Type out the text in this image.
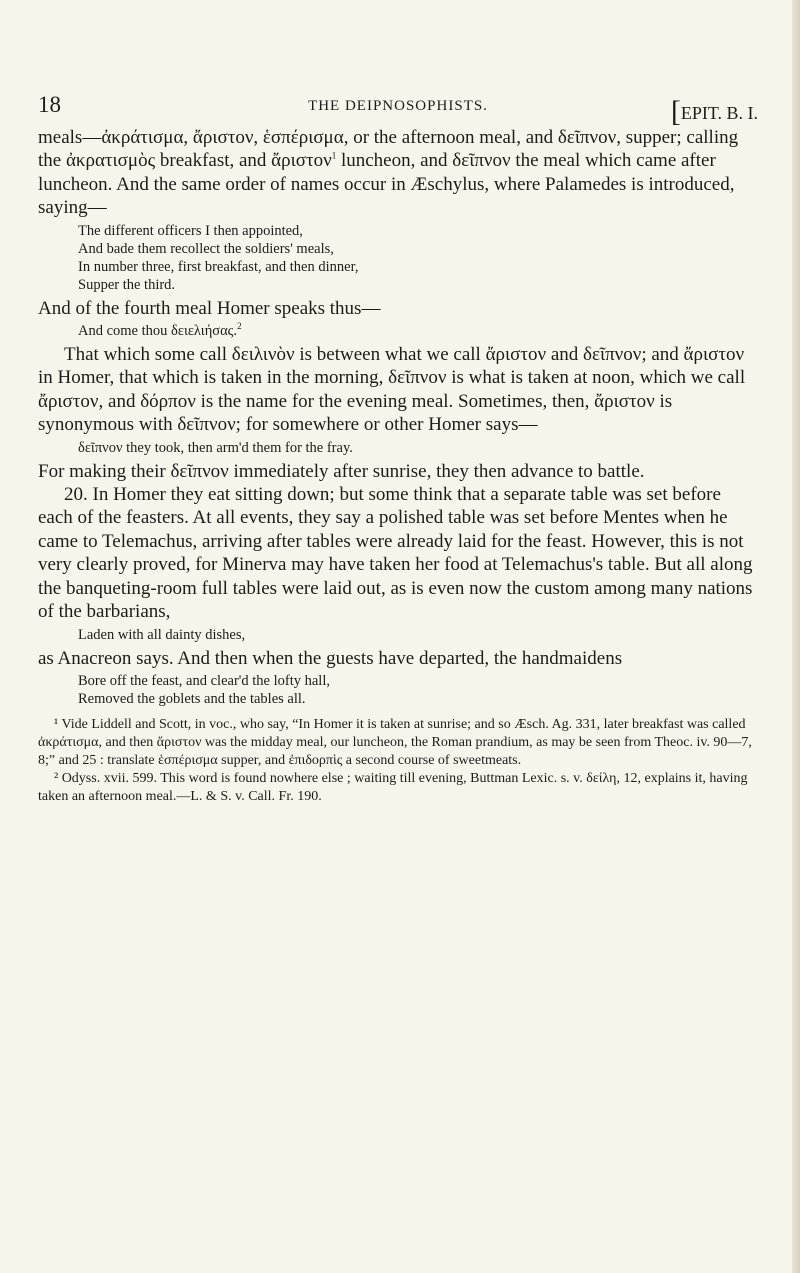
18	THE DEIPNOSOPHISTS.	[EPIT. B. I.

meals—ἀκράτισμα, ἄριστον, ἑσπέρισμα, or the afternoon meal, and δεῖπνον, supper; calling the ἀκρατισμὸς breakfast, and ἄριστον$^1$ luncheon, and δεῖπνον the meal which came after luncheon. And the same order of names occur in Æschylus, where Palamedes is introduced, saying—

The different officers I then appointed,
And bade them recollect the soldiers' meals,
In number three, first breakfast, and then dinner,
Supper the third.

And of the fourth meal Homer speaks thus—

And come thou δειελιήσας.$^2$

That which some call δειλινὸν is between what we call ἄριστον and δεῖπνον; and ἄριστον in Homer, that which is taken in the morning, δεῖπνον is what is taken at noon, which we call ἄριστον, and δόρπον is the name for the evening meal. Sometimes, then, ἄριστον is synonymous with δεῖπνον; for somewhere or other Homer says—

δεῖπνον they took, then arm'd them for the fray.

For making their δεῖπνον immediately after sunrise, they then advance to battle.

20. In Homer they eat sitting down; but some think that a separate table was set before each of the feasters. At all events, they say a polished table was set before Mentes when he came to Telemachus, arriving after tables were already laid for the feast. However, this is not very clearly proved, for Minerva may have taken her food at Telemachus's table. But all along the banqueting-room full tables were laid out, as is even now the custom among many nations of the barbarians,

Laden with all dainty dishes,

as Anacreon says. And then when the guests have departed, the handmaidens

Bore off the feast, and clear'd the lofty hall,
Removed the goblets and the tables all.

¹ Vide Liddell and Scott, in voc., who say, “In Homer it is taken at sunrise; and so Æsch. Ag. 331, later breakfast was called ἀκράτισμα, and then ἄριστον was the midday meal, our luncheon, the Roman prandium, as may be seen from Theoc. iv. 90—7, 8;” and 25 : translate ἑσπέρισμα supper, and ἐπιδορπὶς a second course of sweetmeats.

² Odyss. xvii. 599. This word is found nowhere else ; waiting till evening, Buttman Lexic. s. v. δείλη, 12, explains it, having taken an afternoon meal.—L. & S. v. Call. Fr. 190.
